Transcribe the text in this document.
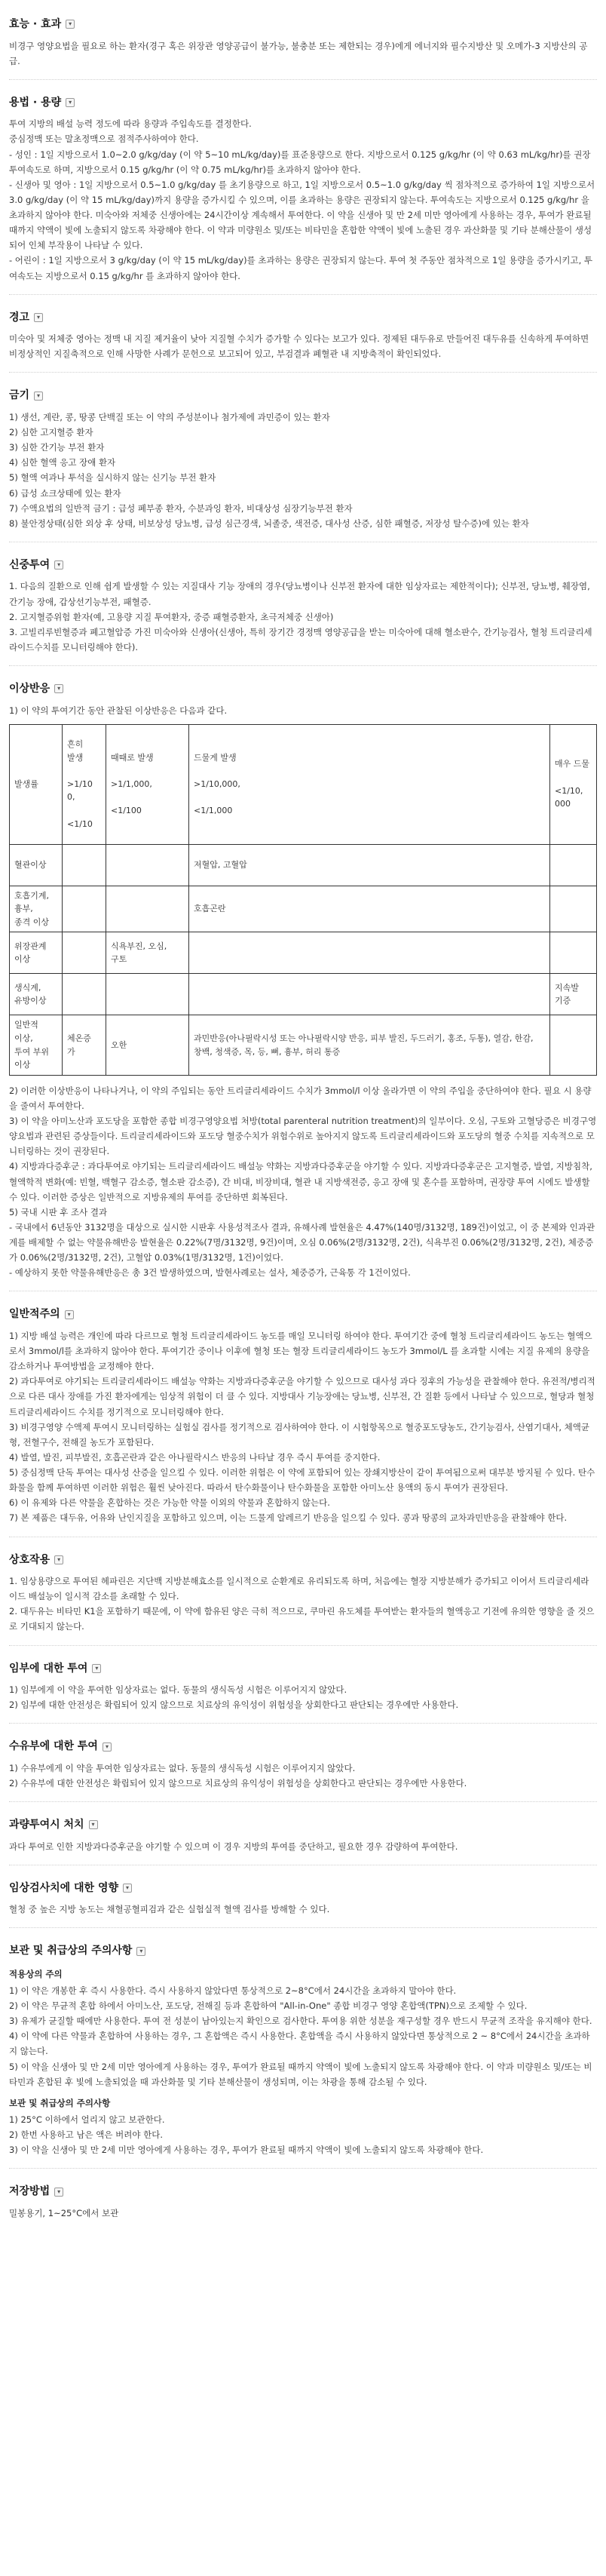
효능 · 효과	▾

비경구 영양요법을 필요로 하는 환자(경구 혹은 위장관 영양공급이 불가능, 불충분 또는 제한되는 경우)에게 에너지와 필수지방산 및 오메가-3 지방산의 공급.

용법 · 용량	▾

투여 지방의 배설 능력 정도에 따라 용량과 주입속도를 결정한다.

중심정맥 또는 말초정맥으로 점적주사하여야 한다.

- 성인 : 1일 지방으로서 1.0~2.0 g/kg/day (이 약 5~10 mL/kg/day)를 표준용량으로 한다. 지방으로서 0.125 g/kg/hr (이 약 0.63 mL/kg/hr)를 권장투여속도로 하며, 지방으로서 0.15 g/kg/hr (이 약 0.75 mL/kg/hr)를 초과하지 않아야 한다.

- 신생아 및 영아 : 1일 지방으로서 0.5~1.0 g/kg/day 를 초기용량으로 하고, 1일 지방으로서 0.5~1.0 g/kg/day 씩 점차적으로 증가하여 1일 지방으로서 3.0 g/kg/day (이 약 15 mL/kg/day)까지 용량을 증가시킬 수 있으며, 이를 초과하는 용량은 권장되지 않는다. 투여속도는 지방으로서 0.125 g/kg/hr 을 초과하지 않아야 한다. 미숙아와 저체중 신생아에는 24시간이상 계속해서 투여한다. 이 약을 신생아 및 만 2세 미만 영아에게 사용하는 경우, 투여가 완료될 때까지 약액이 빛에 노출되지 않도록 차광해야 한다. 이 약과 미량원소 및/또는 비타민을 혼합한 약액이 빛에 노출된 경우 과산화물 및 기타 분해산물이 생성되어 인체 부작용이 나타날 수 있다.

- 어린이 : 1일 지방으로서 3 g/kg/day (이 약 15 mL/kg/day)를 초과하는 용량은 권장되지 않는다. 투여 첫 주동안 점차적으로 1일 용량을 증가시키고, 투여속도는 지방으로서 0.15 g/kg/hr 를 초과하지 않아야 한다.

경고	▾

미숙아 및 저체중 영아는 정맥 내 지질 제거율이 낮아 지질혈 수치가 증가할 수 있다는 보고가 있다. 정제된 대두유로 만들어진 대두유를 신속하게 투여하면 비정상적인 지질축적으로 인해 사망한 사례가 문헌으로 보고되어 있고, 부검결과 폐혈관 내 지방축적이 확인되었다.

금기	▾

1) 생선, 계란, 콩, 땅콩 단백질 또는 이 약의 주성분이나 첨가제에 과민증이 있는 환자

2) 심한 고지혈증 환자

3) 심한 간기능 부전 환자

4) 심한 혈액 응고 장애 환자

5) 혈액 여과나 투석을 실시하지 않는 신기능 부전 환자

6) 급성 쇼크상태에 있는 환자

7) 수액요법의 일반적 금기 : 급성 폐부종 환자, 수분과잉 환자, 비대상성 심장기능부전 환자

8) 불안정상태(심한 외상 후 상태, 비보상성 당뇨병, 급성 심근경색, 뇌졸중, 색전증, 대사성 산증, 심한 패혈증, 저장성 탈수증)에 있는 환자

신중투여	▾

1. 다음의 질환으로 인해 쉽게 발생할 수 있는 지질대사 기능 장애의 경우(당뇨병이나 신부전 환자에 대한 임상자료는 제한적이다); 신부전, 당뇨병, 췌장염, 간기능 장애, 갑상선기능부전, 패혈증.

2. 고지혈증위험 환자(예, 고용량 지질 투여환자, 중증 패혈증환자, 초극저체중 신생아)

3. 고빌리루빈혈증과 폐고혈압증 가진 미숙아와 신생아(신생아, 특히 장기간 경정맥 영양공급을 받는 미숙아에 대해 혈소판수, 간기능검사, 혈청 트리글리세라이드수치를 모니터링해야 한다).

이상반응	▾

1) 이 약의 투여기간 동안 관찰된 이상반응은 다음과 같다.

발생률	흔히
발생

>1/10
0,

<1/10	때때로 발생

>1/1,000,

<1/100	드물게 발생

>1/10,000,

<1/1,000	매우 드물

<1/10,
000
혈관이상			저혈압, 고혈압	
호흡기계, 흉부,
종격 이상			호흡곤란	
위장관계
이상		식욕부진, 오심,
구토		
생식계,
유방이상				지속발
기증
일반적 이상,
투여 부위
이상	체온증
가	오한	과민반응(아나필락시성 또는 아나필락시양 반응, 피부 발진, 두드러기, 홍조, 두통), 열감, 한감, 창백, 청색증, 목, 등, 뼈, 흉부, 허리 통증	

2) 이러한 이상반응이 나타나거나, 이 약의 주입되는 동안 트리글리세라이드 수치가 3mmol/l 이상 올라가면 이 약의 주입을 중단하여야 한다. 필요 시 용량을 줄여서 투여한다.

3) 이 약을 아미노산과 포도당을 포함한 종합 비경구영양요법 처방(total parenteral nutrition treatment)의 일부이다. 오심, 구토와 고혈당증은 비경구영양요법과 관련된 증상들이다. 트리글리세라이드와 포도당 혈중수치가 위험수위로 높아지지 않도록 트리글리세라이드와 포도당의 혈중 수치를 지속적으로 모니터링하는 것이 권장된다.

4) 지방과다증후군 : 과다투여로 야기되는 트리글리세라이드 배설능 약화는 지방과다증후군을 야기할 수 있다. 지방과다증후군은 고지혈증, 발열, 지방침착, 혈액학적 변화(예: 빈혈, 백혈구 감소증, 혈소판 감소증), 간 비대, 비장비대, 혈관 내 지방색전증, 응고 장애 및 혼수를 포함하며, 권장량 투여 시에도 발생할 수 있다. 이러한 증상은 일반적으로 지방유제의 투여를 중단하면 회복된다.

5) 국내 시판 후 조사 결과

- 국내에서 6년동안 3132명을 대상으로 실시한 시판후 사용성적조사 결과, 유해사례 발현율은 4.47%(140명/3132명, 189건)이었고, 이 중 본제와 인과관계를 배제할 수 없는 약물유해반응 발현율은 0.22%(7명/3132명, 9건)이며, 오심 0.06%(2명/3132명, 2건), 식욕부진 0.06%(2명/3132명, 2건), 체중증가 0.06%(2명/3132명, 2건), 고혈압 0.03%(1명/3132명, 1건)이었다.

- 예상하지 못한 약물유해반응은 총 3건 발생하였으며, 발현사례로는 설사, 체중증가, 근육통 각 1건이었다.

일반적주의	▾

1) 지방 배설 능력은 개인에 따라 다르므로 혈청 트리글리세라이드 농도를 매일 모니터링 하여야 한다. 투여기간 중에 혈청 트리글리세라이드 농도는 혈액으로서 3mmol/l를 초과하지 않아야 한다. 투여기간 중이나 이후에 혈청 또는 혈장 트리글리세라이드 농도가 3mmol/L 를 초과할 시에는 지질 유제의 용량을 감소하거나 투여방법을 교정해야 한다.

2) 과다투여로 야기되는 트리글리세라이드 배설능 약화는 지방과다증후군을 야기할 수 있으므로 대사성 과다 징후의 가능성을 관찰해야 한다. 유전적/병리적으로 다른 대사 장애를 가진 환자에게는 임상적 위험이 더 클 수 있다. 지방대사 기능장애는 당뇨병, 신부전, 간 질환 등에서 나타날 수 있으므로, 혈당과 혈청 트리글리세라이드 수치를 정기적으로 모니터링해야 한다.

3) 비경구영양 수액제 투여시 모니터링하는 실험실 검사를 정기적으로 검사하여야 한다. 이 시험항목으로 혈중포도당농도, 간기능검사, 산염기대사, 체액균형, 전혈구수, 전해질 농도가 포함된다.

4) 발열, 발진, 피부발진, 호흡곤란과 같은 아나필락시스 반응의 나타날 경우 즉시 투여를 중지한다.

5) 중심정맥 단독 투여는 대사성 산증을 일으킬 수 있다. 이러한 위험은 이 약에 포함되어 있는 장쇄지방산이 같이 투여됨으로써 대부분 방지될 수 있다. 탄수화물을 함께 투여하면 이러한 위험은 훨씬 낮아진다. 따라서 탄수화물이나 탄수화물을 포함한 아미노산 용액의 동시 투여가 권장된다.

6) 이 유제와 다른 약물을 혼합하는 것은 가능한 약물 이외의 약물과 혼합하지 않는다.

7) 본 제품은 대두유, 어유와 난인지질을 포함하고 있으며, 이는 드물게 알레르기 반응을 일으킬 수 있다. 콩과 땅콩의 교차과민반응을 관찰해야 한다.

상호작용	▾

1. 임상용량으로 투여된 헤파린은 지단백 지방분해효소를 일시적으로 순환계로 유리되도록 하며, 처음에는 혈장 지방분해가 증가되고 이어서 트리글리세라이드 배설능이 일시적 감소를 초래할 수 있다.

2. 대두유는 비타민 K1을 포함하기 때문에, 이 약에 함유된 양은 극히 적으므로, 쿠마린 유도체를 투여받는 환자들의 혈액응고 기전에 유의한 영향을 줄 것으로 기대되지 않는다.

임부에 대한 투여	▾

1) 임부에게 이 약을 투여한 임상자료는 없다. 동물의 생식독성 시험은 이루어지지 않았다.

2) 임부에 대한 안전성은 확립되어 있지 않으므로 치료상의 유익성이 위험성을 상회한다고 판단되는 경우에만 사용한다.

수유부에 대한 투여	▾

1) 수유부에게 이 약을 투여한 임상자료는 없다. 동물의 생식독성 시험은 이루어지지 않았다.

2) 수유부에 대한 안전성은 확립되어 있지 않으므로 치료상의 유익성이 위험성을 상회한다고 판단되는 경우에만 사용한다.

과량투여시 처치	▾

과다 투여로 인한 지방과다증후군을 야기할 수 있으며 이 경우 지방의 투여를 중단하고, 필요한 경우 감량하여 투여한다.

임상검사치에 대한 영향	▾

혈청 중 높은 지방 농도는 채혈공혈피검과 같은 실험실적 혈액 검사를 방해할 수 있다.

보관 및 취급상의 주의사항	▾
적용상의 주의

1) 이 약은 개봉한 후 즉시 사용한다. 즉시 사용하지 않았다면 통상적으로 2~8°C에서 24시간을 초과하지 말아야 한다.

2) 이 약은 무균적 혼합 하에서 아미노산, 포도당, 전해질 등과 혼합하여 "All-in-One" 종합 비경구 영양 혼합액(TPN)으로 조제할 수 있다.

3) 유제가 균질할 때에만 사용한다. 투여 전 성분이 남아있는지 확인으로 검사한다. 투여용 위한 성분을 재구성할 경우 반드시 무균적 조작을 유지해야 한다.

4) 이 약에 다른 약물과 혼합하여 사용하는 경우, 그 혼합액은 즉시 사용한다. 혼합액을 즉시 사용하지 않았다면 통상적으로 2 ~ 8°C에서 24시간을 초과하지 않는다.

5) 이 약을 신생아 및 만 2세 미만 영아에게 사용하는 경우, 투여가 완료될 때까지 약액이 빛에 노출되지 않도록 차광해야 한다. 이 약과 미량원소 및/또는 비타민과 혼합된 후 빛에 노출되었을 때 과산화물 및 기타 분해산물이 생성되며, 이는 차광을 통해 감소될 수 있다.

보관 및 취급상의 주의사항

1) 25°C 이하에서 얼리지 않고 보관한다.

2) 한번 사용하고 남은 액은 버려야 한다.

3) 이 약을 신생아 및 만 2세 미만 영아에게 사용하는 경우, 투여가 완료될 때까지 약액이 빛에 노출되지 않도록 차광해야 한다.

저장방법	▾

밀봉용기, 1~25°C에서 보관
